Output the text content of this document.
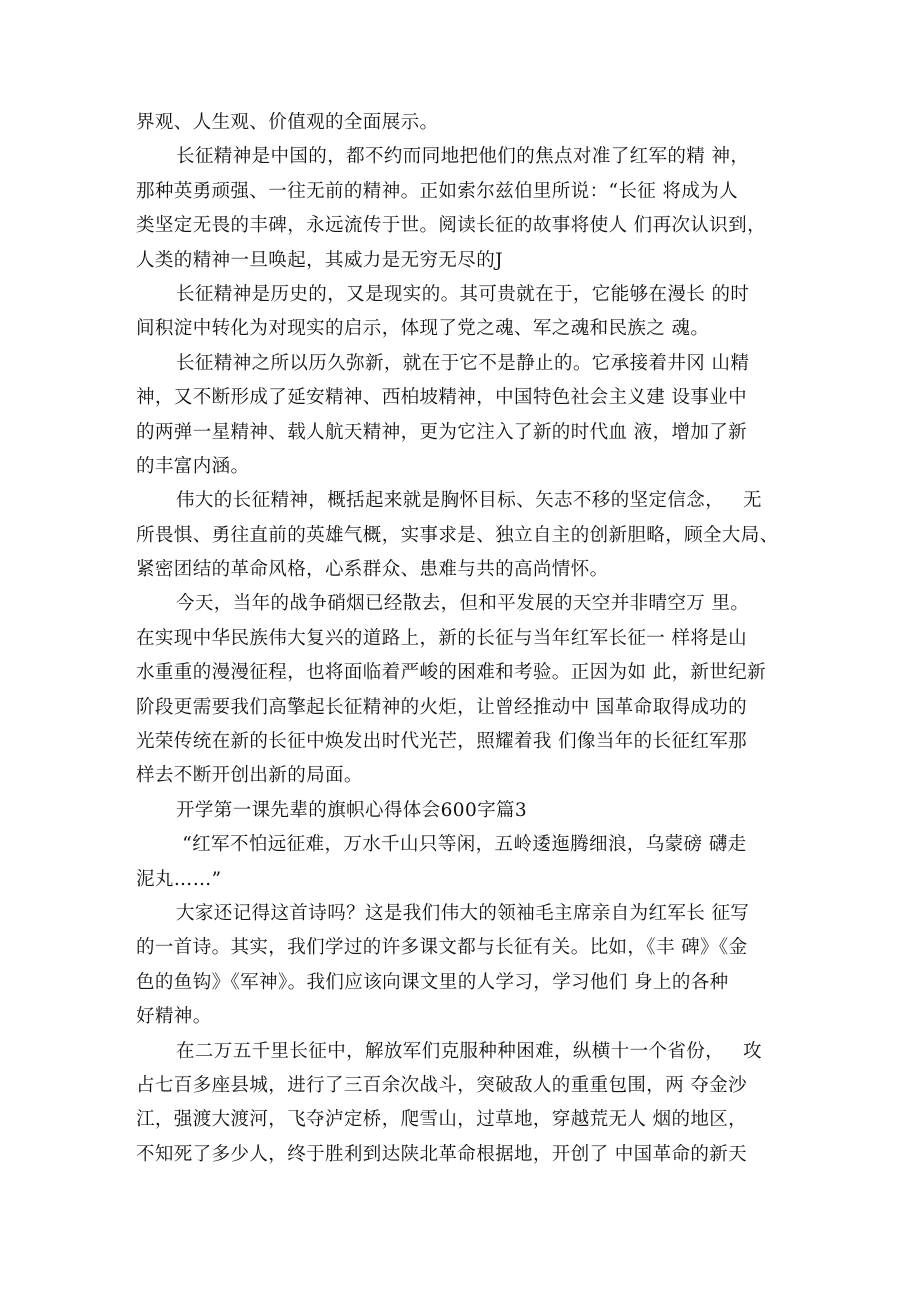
界观、人生观、价值观的全面展示。
长征精神是中国的，都不约而同地把他们的焦点对准了红军的精 神，
那种英勇顽强、一往无前的精神。正如索尔兹伯里所说：“长征 将成为人
类坚定无畏的丰碑，永远流传于世。阅读长征的故事将使人 们再次认识到，
人类的精神一旦唤起，其威力是无穷无尽的J
长征精神是历史的，又是现实的。其可贵就在于，它能够在漫长 的时
间积淀中转化为对现实的启示，体现了党之魂、军之魂和民族之 魂。
长征精神之所以历久弥新，就在于它不是静止的。它承接着井冈 山精
神，又不断形成了延安精神、西柏坡精神，中国特色社会主义建 设事业中
的两弹一星精神、载人航天精神，更为它注入了新的时代血 液，增加了新
的丰富内涵。
伟大的长征精神，概括起来就是胸怀目标、矢志不移的坚定信念，   无
所畏惧、勇往直前的英雄气概，实事求是、独立自主的创新胆略，顾全大局、
紧密团结的革命风格，心系群众、患难与共的高尚情怀。
今天，当年的战争硝烟已经散去，但和平发展的天空并非晴空万 里。
在实现中华民族伟大复兴的道路上，新的长征与当年红军长征一 样将是山
水重重的漫漫征程，也将面临着严峻的困难和考验。正因为如 此，新世纪新
阶段更需要我们高擎起长征精神的火炬，让曾经推动中 国革命取得成功的
光荣传统在新的长征中焕发出时代光芒，照耀着我 们像当年的长征红军那
样去不断开创出新的局面。
开学第一课先辈的旗帜心得体会600字篇3
“红军不怕远征难，万水千山只等闲，五岭逶迤腾细浪，乌蒙磅 礴走
泥丸……”
大家还记得这首诗吗？这是我们伟大的领袖毛主席亲自为红军长 征写
的一首诗。其实，我们学过的许多课文都与长征有关。比如，《丰 碑》《金
色的鱼钩》《军神》。我们应该向课文里的人学习，学习他们 身上的各种
好精神。
在二万五千里长征中，解放军们克服种种困难，纵横十一个省份，   攻
占七百多座县城，进行了三百余次战斗，突破敌人的重重包围，两 夺金沙
江，强渡大渡河，飞夺泸定桥，爬雪山，过草地，穿越荒无人 烟的地区，
不知死了多少人，终于胜利到达陕北革命根据地，开创了 中国革命的新天
